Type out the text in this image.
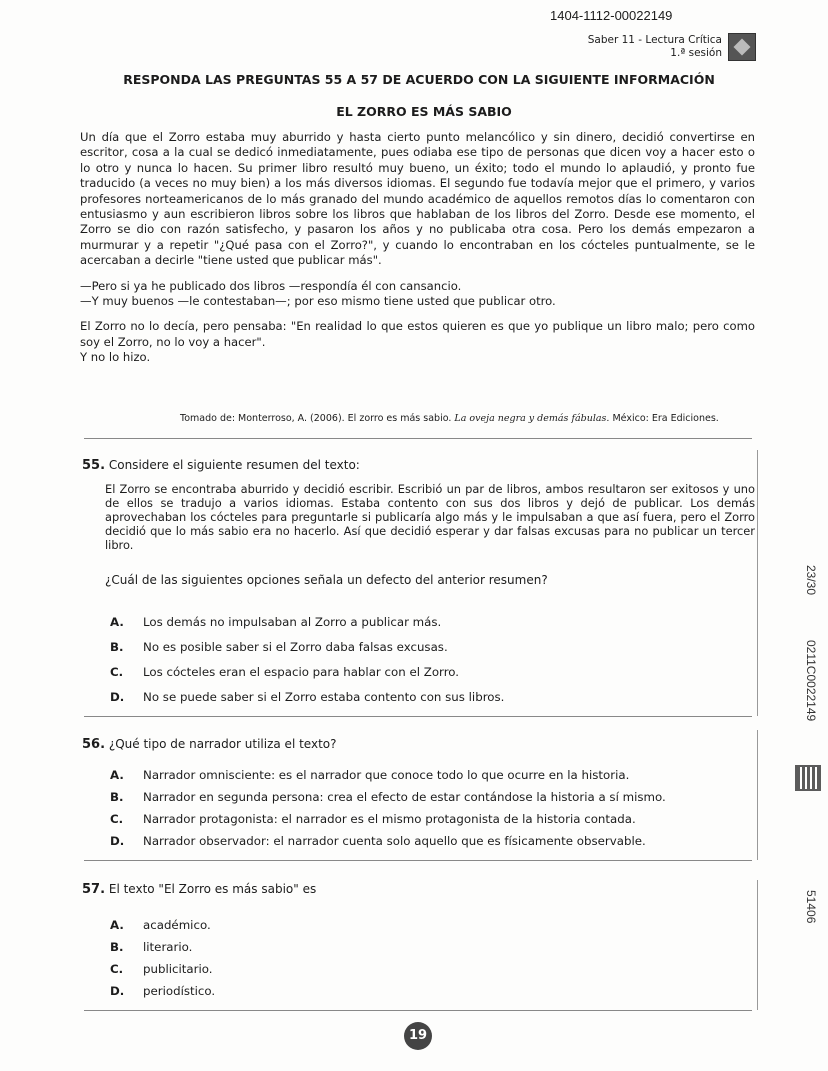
1404-1112-00022149
Saber 11 - Lectura Crítica
1.ª sesión
RESPONDA LAS PREGUNTAS 55 A 57 DE ACUERDO CON LA SIGUIENTE INFORMACIÓN
EL ZORRO ES MÁS SABIO

Un día que el Zorro estaba muy aburrido y hasta cierto punto melancólico y sin dinero, decidió convertirse en escritor, cosa a la cual se dedicó inmediatamente, pues odiaba ese tipo de personas que dicen voy a hacer esto o lo otro y nunca lo hacen. Su primer libro resultó muy bueno, un éxito; todo el mundo lo aplaudió, y pronto fue traducido (a veces no muy bien) a los más diversos idiomas. El segundo fue todavía mejor que el primero, y varios profesores norteamericanos de lo más granado del mundo académico de aquellos remotos días lo comentaron con entusiasmo y aun escribieron libros sobre los libros que hablaban de los libros del Zorro. Desde ese momento, el Zorro se dio con razón satisfecho, y pasaron los años y no publicaba otra cosa. Pero los demás empezaron a murmurar y a repetir "¿Qué pasa con el Zorro?", y cuando lo encontraban en los cócteles puntualmente, se le acercaban a decirle "tiene usted que publicar más".

—Pero si ya he publicado dos libros —respondía él con cansancio.
—Y muy buenos —le contestaban—; por eso mismo tiene usted que publicar otro.

El Zorro no lo decía, pero pensaba: "En realidad lo que estos quieren es que yo publique un libro malo; pero como soy el Zorro, no lo voy a hacer".
Y no lo hizo.

Tomado de: Monterroso, A. (2006). El zorro es más sabio. La oveja negra y demás fábulas. México: Era Ediciones.
55. Considere el siguiente resumen del texto:
El Zorro se encontraba aburrido y decidió escribir. Escribió un par de libros, ambos resultaron ser exitosos y uno de ellos se tradujo a varios idiomas. Estaba contento con sus dos libros y dejó de publicar. Los demás aprovechaban los cócteles para preguntarle si publicaría algo más y le impulsaban a que así fuera, pero el Zorro decidió que lo más sabio era no hacerlo. Así que decidió esperar y dar falsas excusas para no publicar un tercer libro.
¿Cuál de las siguientes opciones señala un defecto del anterior resumen?
A. Los demás no impulsaban al Zorro a publicar más.
B. No es posible saber si el Zorro daba falsas excusas.
C. Los cócteles eran el espacio para hablar con el Zorro.
D. No se puede saber si el Zorro estaba contento con sus libros.
56. ¿Qué tipo de narrador utiliza el texto?
A. Narrador omnisciente: es el narrador que conoce todo lo que ocurre en la historia.
B. Narrador en segunda persona: crea el efecto de estar contándose la historia a sí mismo.
C. Narrador protagonista: el narrador es el mismo protagonista de la historia contada.
D. Narrador observador: el narrador cuenta solo aquello que es físicamente observable.
57. El texto "El Zorro es más sabio" es
A. académico.
B. literario.
C. publicitario.
D. periodístico.
23/30
0211C0022149
51406
19
